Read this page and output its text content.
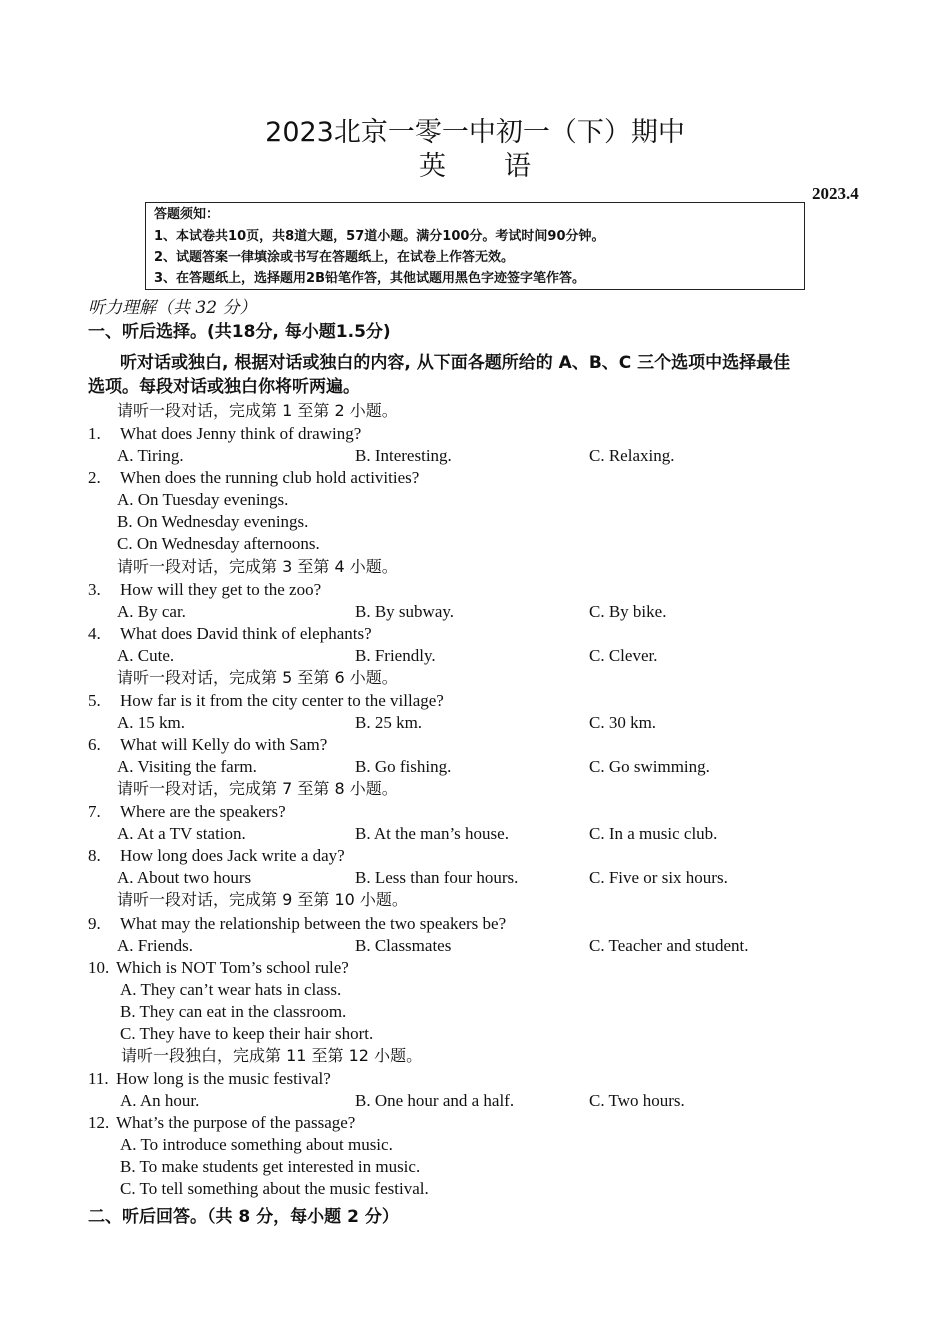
2023北京一零一中初一（下）期中
英语
2023.4
答题须知：
1、本试卷共10页，共8道大题，57道小题。满分100分。考试时间90分钟。
2、试题答案一律填涂或书写在答题纸上，在试卷上作答无效。
3、在答题纸上，选择题用2B铅笔作答，其他试题用黑色字迹签字笔作答。
听力理解（共 32 分）
一、听后选择。(共18分, 每小题1.5分)
听对话或独白, 根据对话或独白的内容, 从下面各题所给的 A、B、C 三个选项中选择最佳
选项。每段对话或独白你将听两遍。
请听一段对话，完成第 1 至第 2 小题。
1. What does Jenny think of drawing?
A. Tiring.	B. Interesting.	C. Relaxing.
2. When does the running club hold activities?
A. On Tuesday evenings.
B. On Wednesday evenings.
C. On Wednesday afternoons.
请听一段对话，完成第 3 至第 4 小题。
3. How will they get to the zoo?
A. By car.	B. By subway.	C. By bike.
4. What does David think of elephants?
A. Cute.	B. Friendly.	C. Clever.
请听一段对话，完成第 5 至第 6 小题。
5. How far is it from the city center to the village?
A. 15 km.	B. 25 km.	C. 30 km.
6. What will Kelly do with Sam?
A. Visiting the farm.	B. Go fishing.	C. Go swimming.
请听一段对话，完成第 7 至第 8 小题。
7. Where are the speakers?
A. At a TV station.	B. At the man’s house.	C. In a music club.
8. How long does Jack write a day?
A. About two hours	B. Less than four hours.	C. Five or six hours.
请听一段对话，完成第 9 至第 10 小题。
9. What may the relationship between the two speakers be?
A. Friends.	B. Classmates	C. Teacher and student.
10. Which is NOT Tom’s school rule?
A. They can’t wear hats in class.
B. They can eat in the classroom.
C. They have to keep their hair short.
请听一段独白，完成第 11 至第 12 小题。
11. How long is the music festival?
A. An hour.	B. One hour and a half.	C. Two hours.
12. What’s the purpose of the passage?
A. To introduce something about music.
B. To make students get interested in music.
C. To tell something about the music festival.
二、听后回答。（共 8 分，每小题 2 分）
